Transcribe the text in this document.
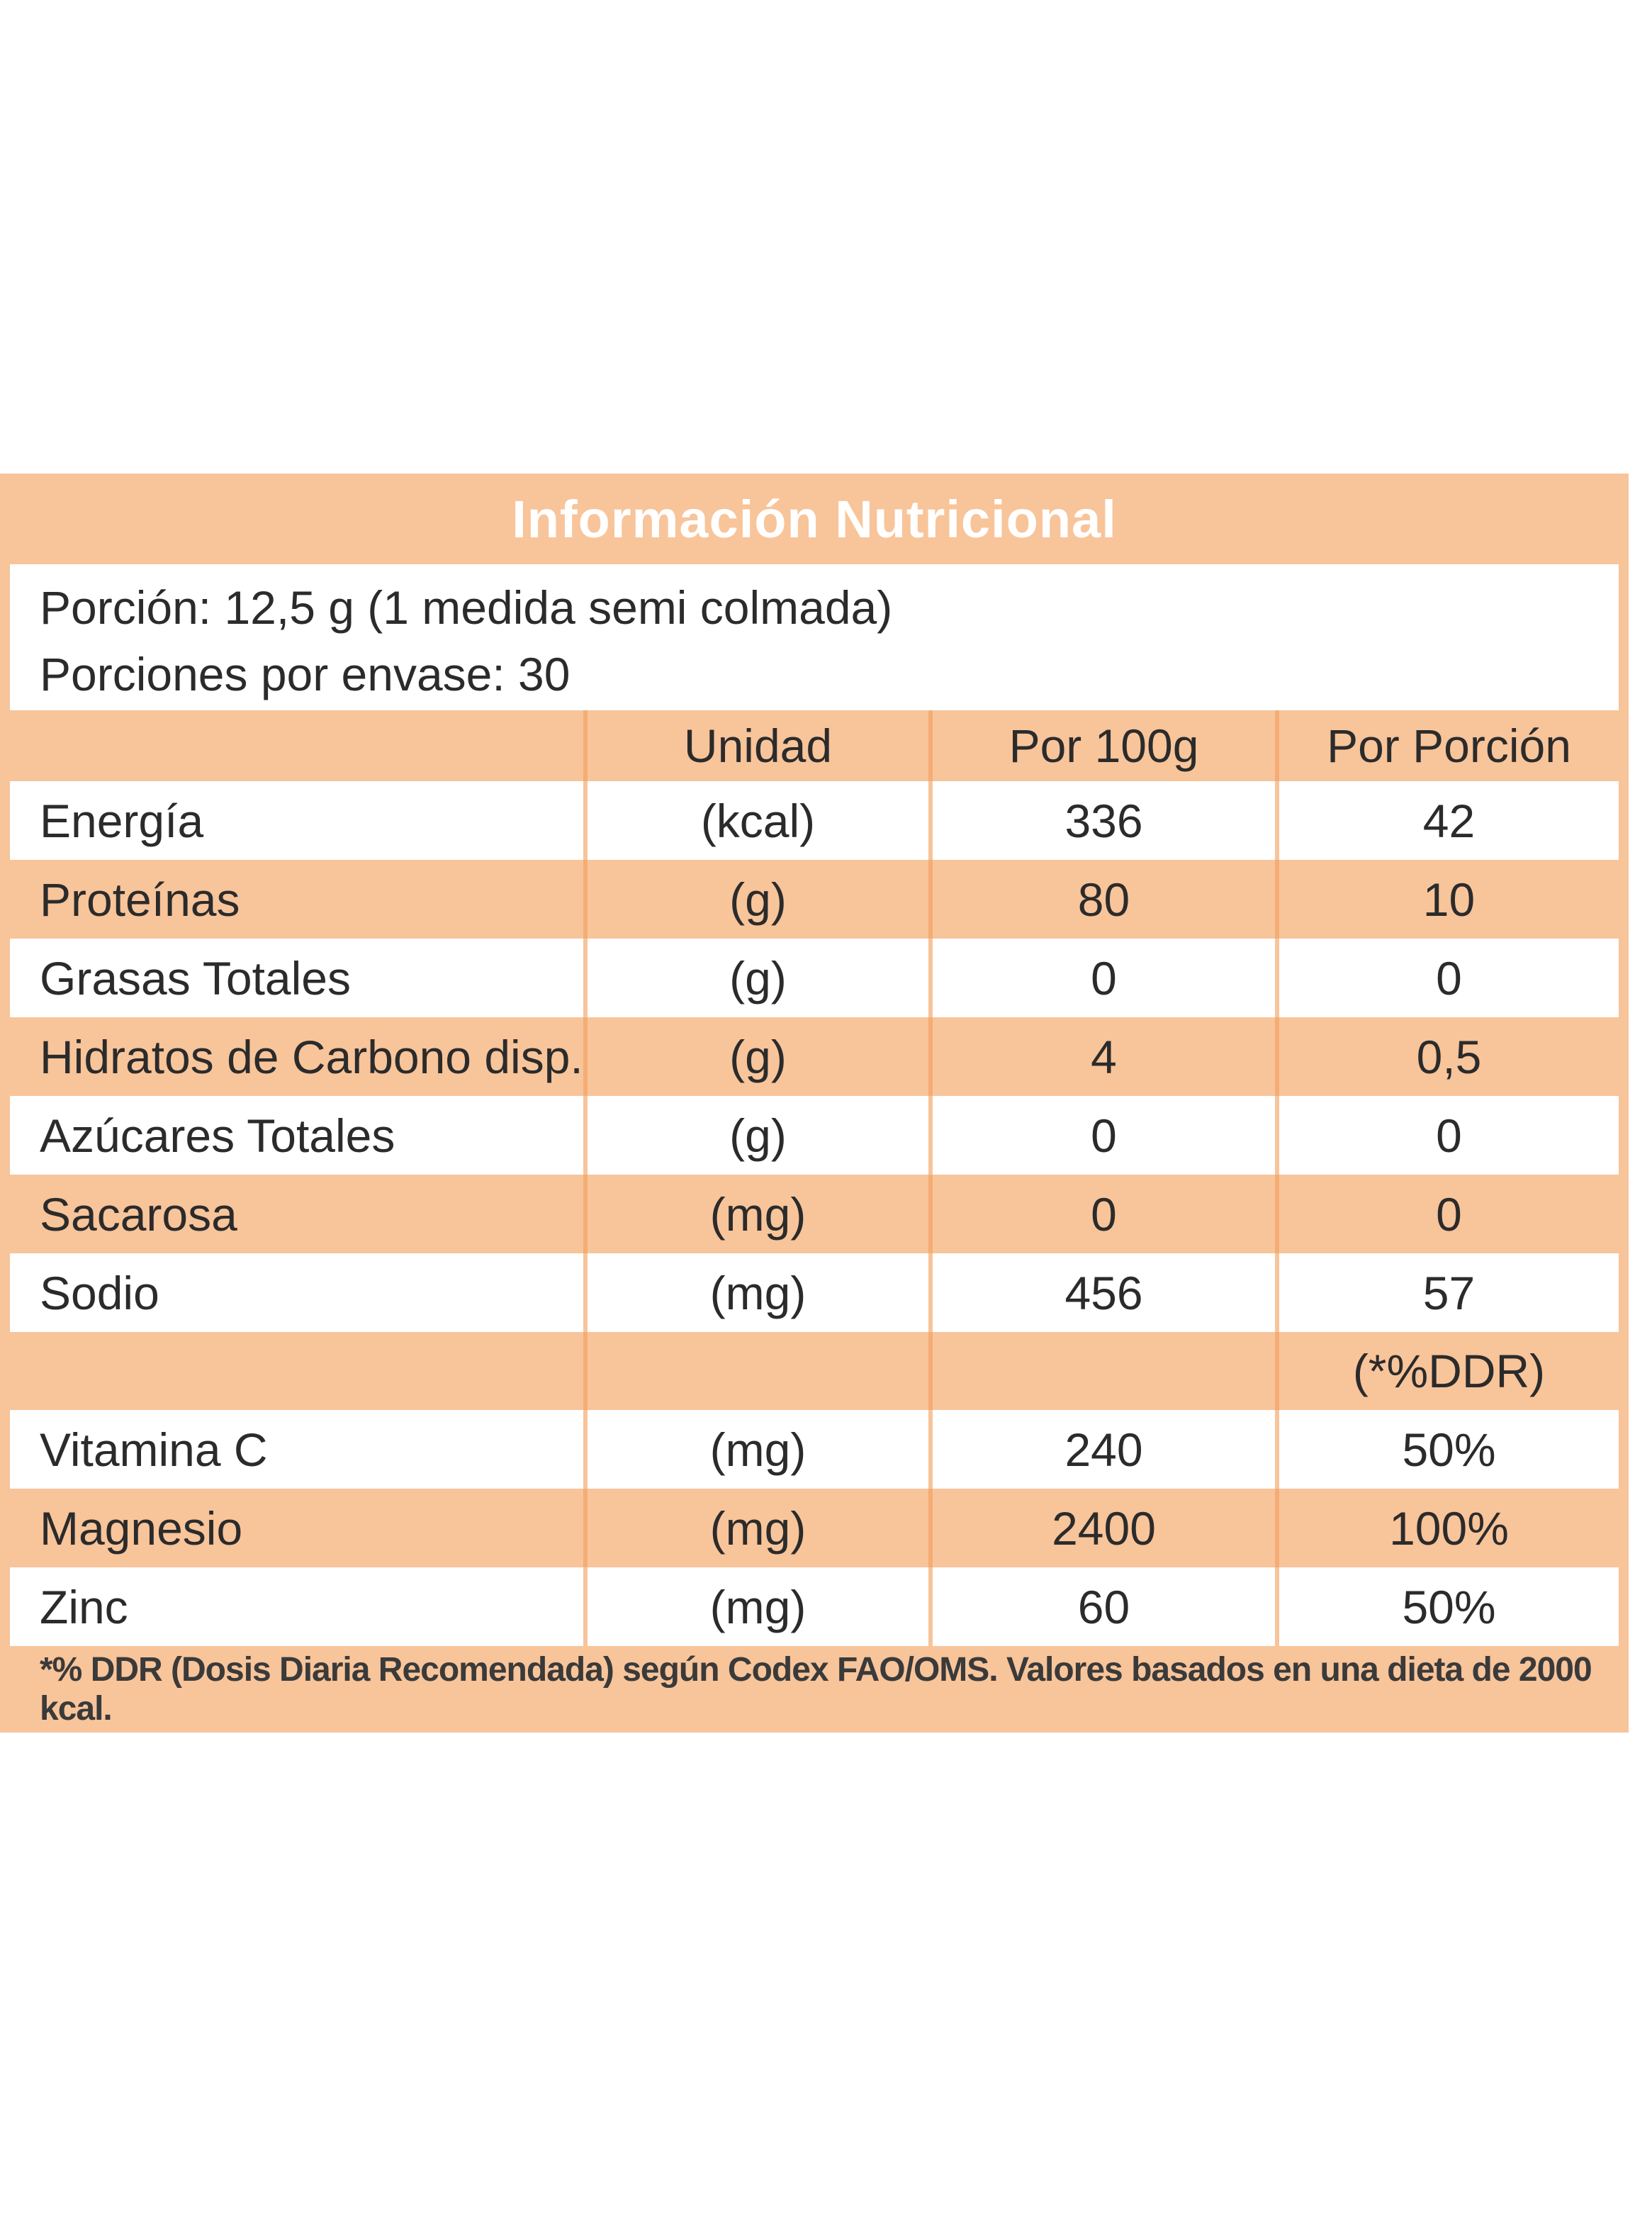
Información Nutricional
Porción: 12,5 g (1 medida semi colmada)
Porciones por envase: 30
	Unidad	Por 100g	Por Porción
Energía	(kcal)	336	42
Proteínas	(g)	80	10
Grasas Totales	(g)	0	0
Hidratos de Carbono disp.	(g)	4	0,5
Azúcares Totales	(g)	0	0
Sacarosa	(mg)	0	0
Sodio	(mg)	456	57
			(*%DDR)
Vitamina C	(mg)	240	50%
Magnesio	(mg)	2400	100%
Zinc	(mg)	60	50%
*% DDR (Dosis Diaria Recomendada) según Codex FAO/OMS. Valores basados en una dieta de 2000 kcal.
